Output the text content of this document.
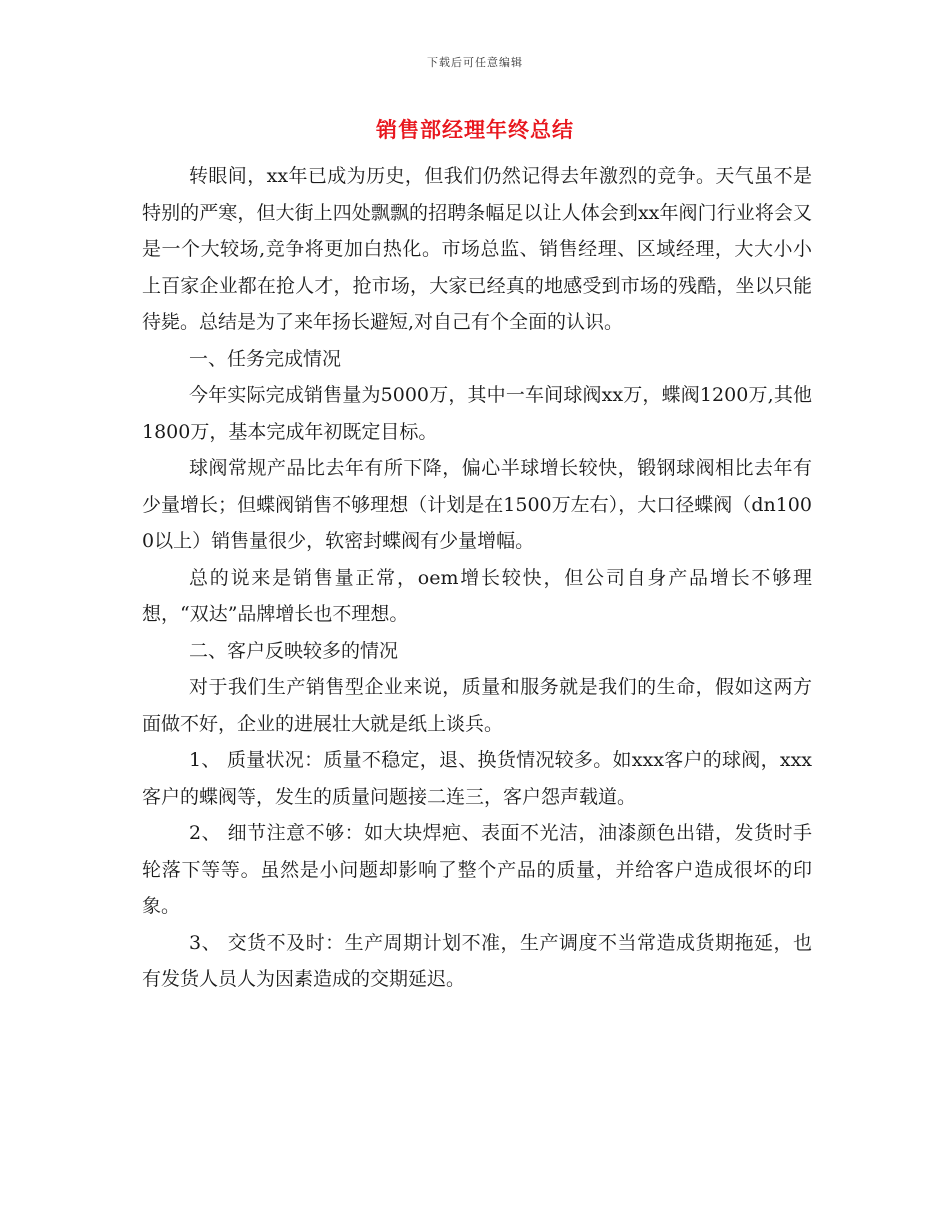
下载后可任意编辑
销售部经理年终总结

转眼间，xx年已成为历史，但我们仍然记得去年激烈的竞争。天气虽不是特别的严寒，但大街上四处飘飘的招聘条幅足以让人体会到xx年阀门行业将会又是一个大较场,竞争将更加白热化。市场总监、销售经理、区域经理，大大小小上百家企业都在抢人才，抢市场，大家已经真的地感受到市场的残酷，坐以只能待毙。总结是为了来年扬长避短,对自己有个全面的认识。

一、任务完成情况

今年实际完成销售量为5000万，其中一车间球阀xx万，蝶阀1200万,其他1800万，基本完成年初既定目标。

球阀常规产品比去年有所下降，偏心半球增长较快，锻钢球阀相比去年有少量增长；但蝶阀销售不够理想（计划是在1500万左右），大口径蝶阀（dn1000以上）销售量很少，软密封蝶阀有少量增幅。

总的说来是销售量正常，oem增长较快，但公司自身产品增长不够理想，“双达”品牌增长也不理想。

二、客户反映较多的情况

对于我们生产销售型企业来说，质量和服务就是我们的生命，假如这两方面做不好，企业的进展壮大就是纸上谈兵。

1、 质量状况：质量不稳定，退、换货情况较多。如xxx客户的球阀，xxx客户的蝶阀等，发生的质量问题接二连三，客户怨声载道。

2、 细节注意不够：如大块焊疤、表面不光洁，油漆颜色出错，发货时手轮落下等等。虽然是小问题却影响了整个产品的质量，并给客户造成很坏的印象。

3、 交货不及时：生产周期计划不准，生产调度不当常造成货期拖延，也有发货人员人为因素造成的交期延迟。
